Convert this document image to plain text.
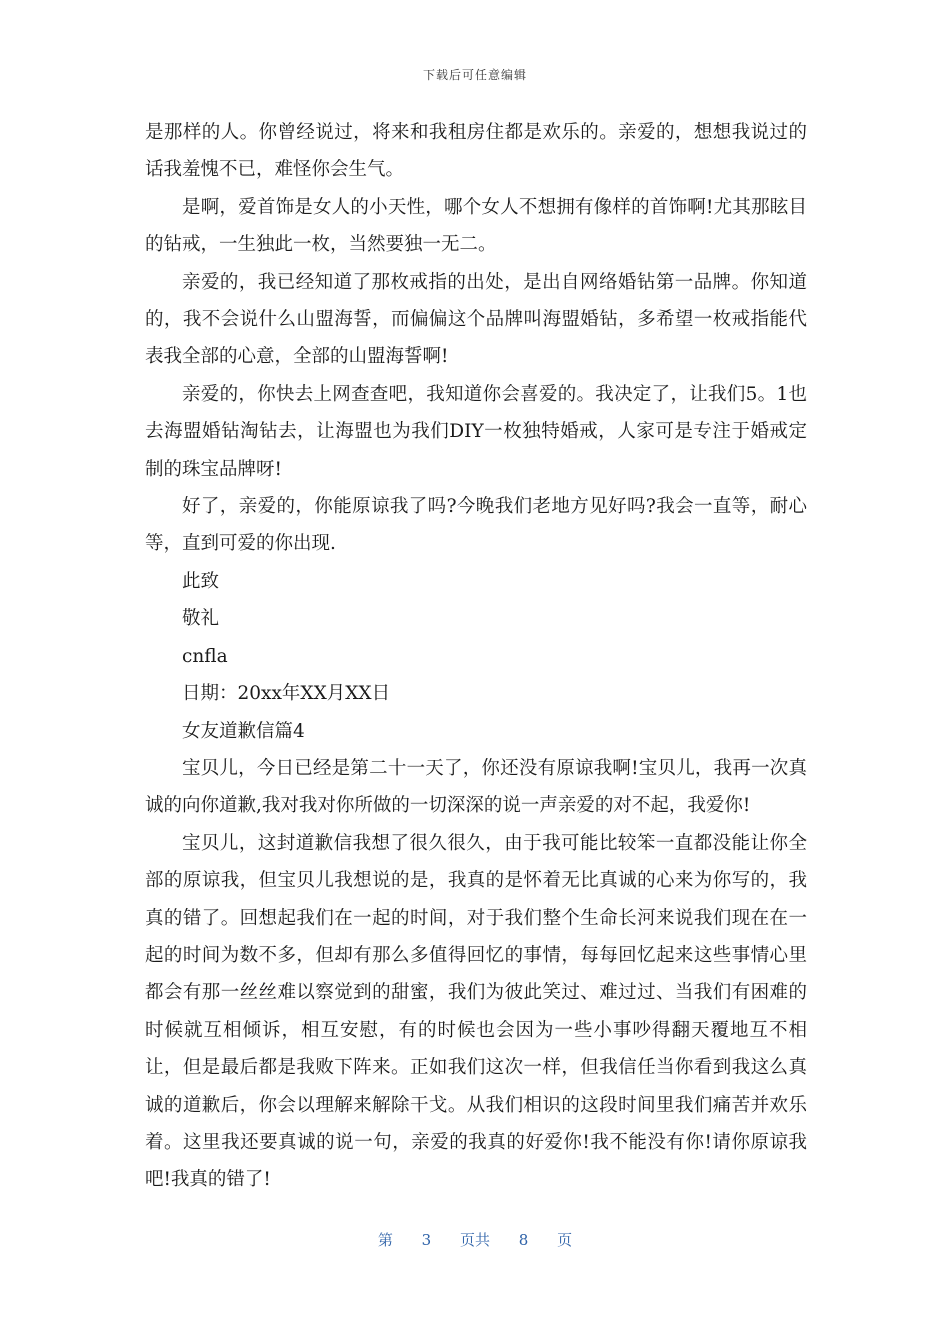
下载后可任意编辑

是那样的人。你曾经说过，将来和我租房住都是欢乐的。亲爱的，想想我说过的话我羞愧不已，难怪你会生气。

是啊，爱首饰是女人的小天性，哪个女人不想拥有像样的首饰啊!尤其那眩目的钻戒，一生独此一枚，当然要独一无二。

亲爱的，我已经知道了那枚戒指的出处，是出自网络婚钻第一品牌。你知道的，我不会说什么山盟海誓，而偏偏这个品牌叫海盟婚钻，多希望一枚戒指能代表我全部的心意，全部的山盟海誓啊!

亲爱的，你快去上网查查吧，我知道你会喜爱的。我决定了，让我们5。1也去海盟婚钻淘钻去，让海盟也为我们DIY一枚独特婚戒，人家可是专注于婚戒定制的珠宝品牌呀!

好了，亲爱的，你能原谅我了吗?今晚我们老地方见好吗?我会一直等，耐心等，直到可爱的你出现.

此致

敬礼

cnfla

日期：20xx年XX月XX日

女友道歉信篇4

宝贝儿，今日已经是第二十一天了，你还没有原谅我啊!宝贝儿，我再一次真诚的向你道歉,我对我对你所做的一切深深的说一声亲爱的对不起，我爱你!

宝贝儿，这封道歉信我想了很久很久，由于我可能比较笨一直都没能让你全部的原谅我，但宝贝儿我想说的是，我真的是怀着无比真诚的心来为你写的，我真的错了。回想起我们在一起的时间，对于我们整个生命长河来说我们现在在一起的时间为数不多，但却有那么多值得回忆的事情，每每回忆起来这些事情心里都会有那一丝丝难以察觉到的甜蜜，我们为彼此笑过、难过过、当我们有困难的时候就互相倾诉，相互安慰，有的时候也会因为一些小事吵得翻天覆地互不相让，但是最后都是我败下阵来。正如我们这次一样，但我信任当你看到我这么真诚的道歉后，你会以理解来解除干戈。从我们相识的这段时间里我们痛苦并欢乐着。这里我还要真诚的说一句，亲爱的我真的好爱你!我不能没有你!请你原谅我吧!我真的错了!

第 3 页共 8 页
